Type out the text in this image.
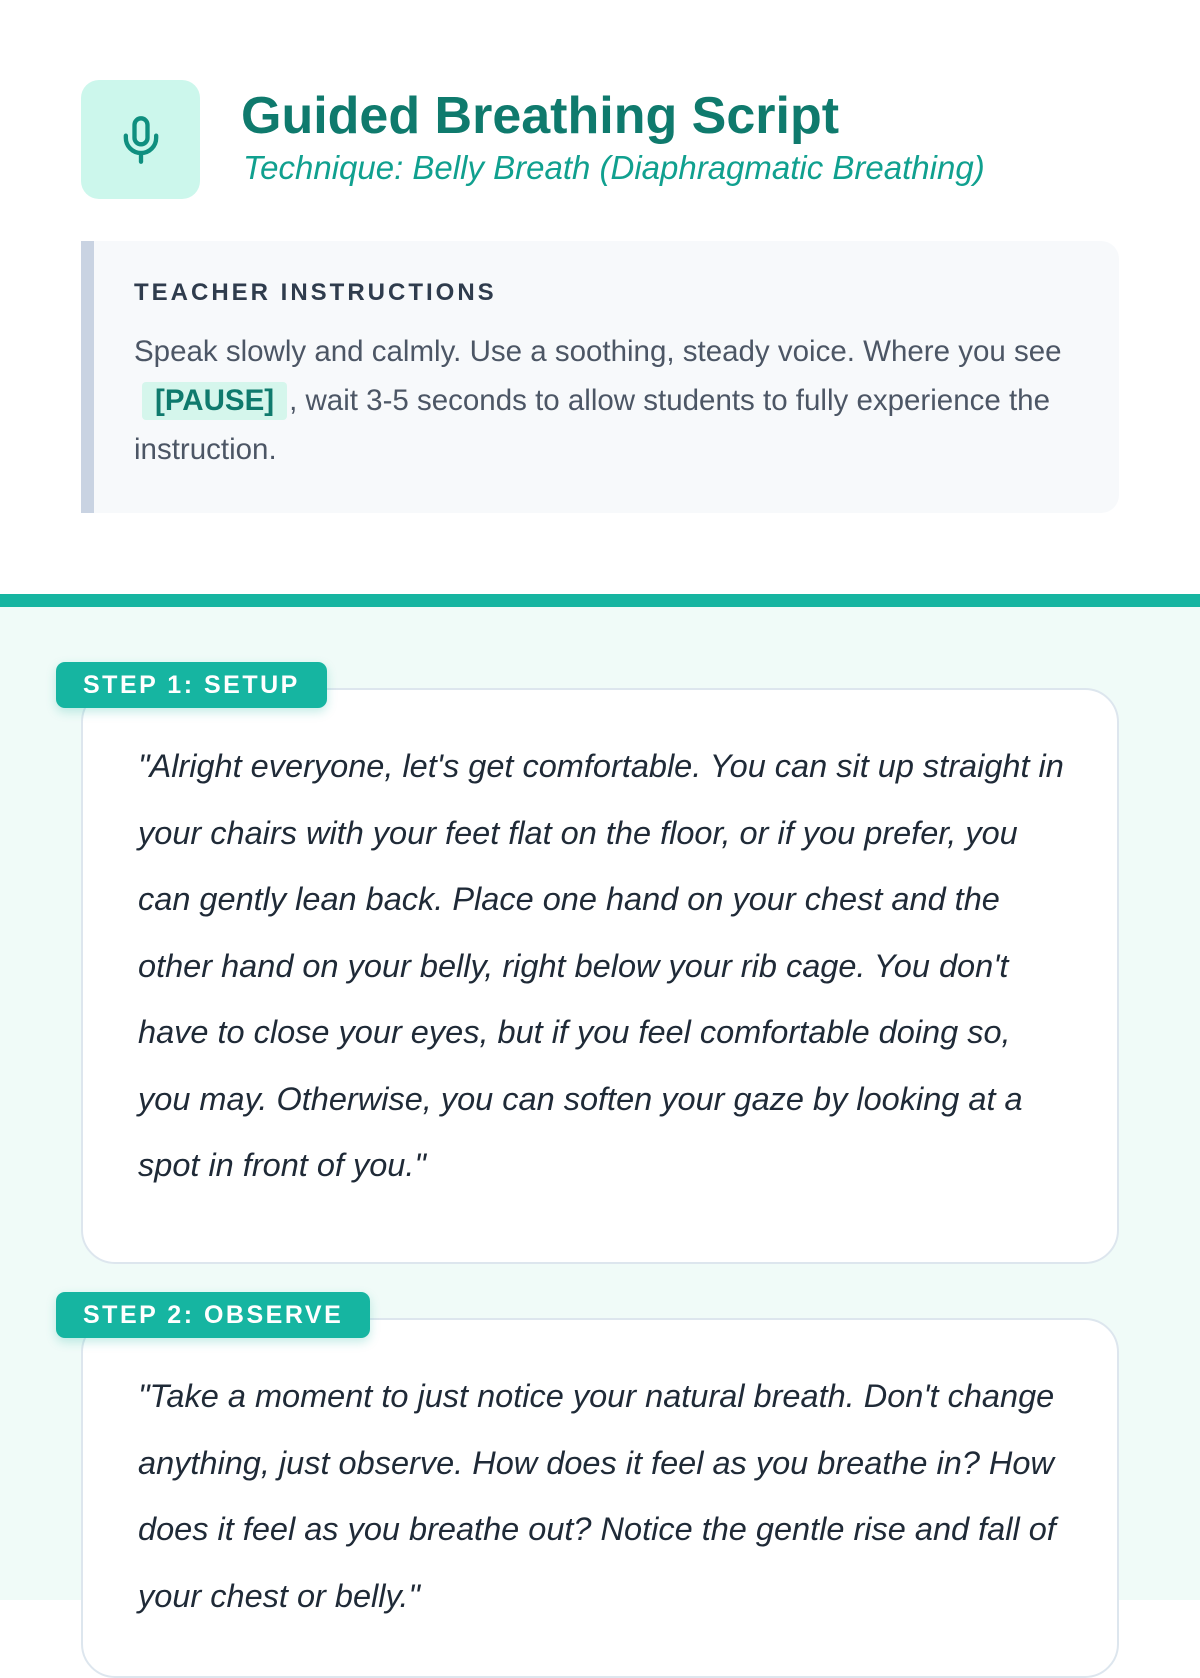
Guided Breathing Script

Technique: Belly Breath (Diaphragmatic Breathing)

TEACHER INSTRUCTIONS

Speak slowly and calmly. Use a soothing, steady voice. Where you see [PAUSE] , wait 3-5 seconds to allow students to fully experience the instruction.

STEP 1: SETUP

"Alright everyone, let's get comfortable. You can sit up straight in your chairs with your feet flat on the floor, or if you prefer, you can gently lean back. Place one hand on your chest and the other hand on your belly, right below your rib cage. You don't have to close your eyes, but if you feel comfortable doing so, you may. Otherwise, you can soften your gaze by looking at a spot in front of you."

STEP 2: OBSERVE

"Take a moment to just notice your natural breath. Don't change anything, just observe. How does it feel as you breathe in? How does it feel as you breathe out? Notice the gentle rise and fall of your chest or belly."
